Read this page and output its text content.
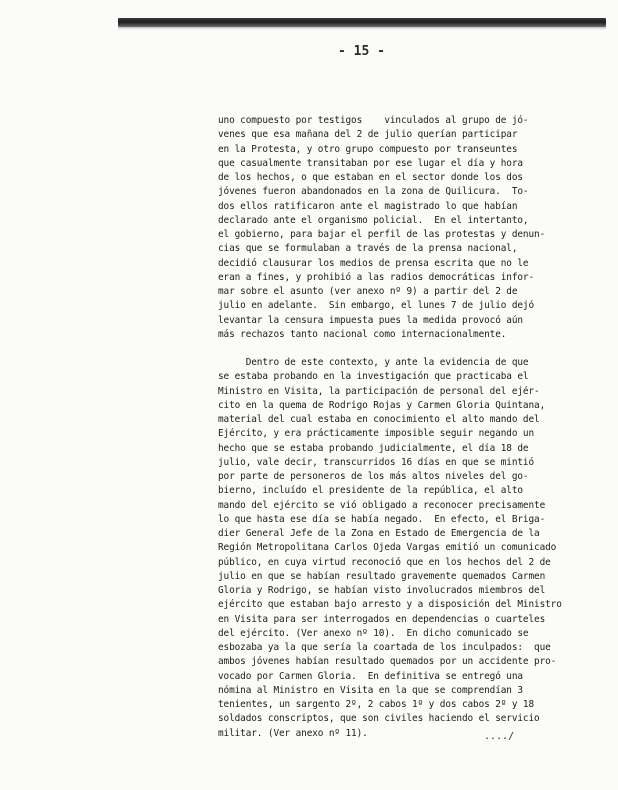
- 15 -
uno compuesto por testigos    vinculados al grupo de jó-
venes que esa mañana del 2 de julio querían participar
en la Protesta, y otro grupo compuesto por transeuntes
que casualmente transitaban por ese lugar el día y hora
de los hechos, o que estaban en el sector donde los dos
jóvenes fueron abandonados en la zona de Quilicura.  To-
dos ellos ratificaron ante el magistrado lo que habían
declarado ante el organismo policial.  En el intertanto,
el gobierno, para bajar el perfil de las protestas y denun-
cias que se formulaban a través de la prensa nacional,
decidió clausurar los medios de prensa escrita que no le
eran a fines, y prohibió a las radios democráticas infor-
mar sobre el asunto (ver anexo nº 9) a partir del 2 de
julio en adelante.  Sin embargo, el lunes 7 de julio dejó
levantar la censura impuesta pues la medida provocó aún
más rechazos tanto nacional como internacionalmente.
Dentro de este contexto, y ante la evidencia de que
se estaba probando en la investigación que practicaba el
Ministro en Visita, la participación de personal del ejér-
cito en la quema de Rodrigo Rojas y Carmen Gloria Quintana,
material del cual estaba en conocimiento el alto mando del
Ejército, y era prácticamente imposible seguir negando un
hecho que se estaba probando judicialmente, el día 18 de
julio, vale decir, transcurridos 16 días en que se mintió
por parte de personeros de los más altos niveles del go-
bierno, incluído el presidente de la república, el alto
mando del ejército se vió obligado a reconocer precisamente
lo que hasta ese día se había negado.  En efecto, el Briga-
dier General Jefe de la Zona en Estado de Emergencia de la
Región Metropolitana Carlos Ojeda Vargas emitió un comunicado
público, en cuya virtud reconoció que en los hechos del 2 de
julio en que se habían resultado gravemente quemados Carmen
Gloria y Rodrigo, se habían visto involucrados miembros del
ejército que estaban bajo arresto y a disposición del Ministro
en Visita para ser interrogados en dependencias o cuarteles
del ejército. (Ver anexo nº 10).  En dicho comunicado se
esbozaba ya la que sería la coartada de los inculpados:  que
ambos jóvenes habían resultado quemados por un accidente pro-
vocado por Carmen Gloria.  En definitiva se entregó una
nómina al Ministro en Visita en la que se comprendían 3
tenientes, un sargento 2º, 2 cabos 1º y dos cabos 2º y 18
soldados conscriptos, que son civiles haciendo el servicio
militar. (Ver anexo nº 11).	..../
